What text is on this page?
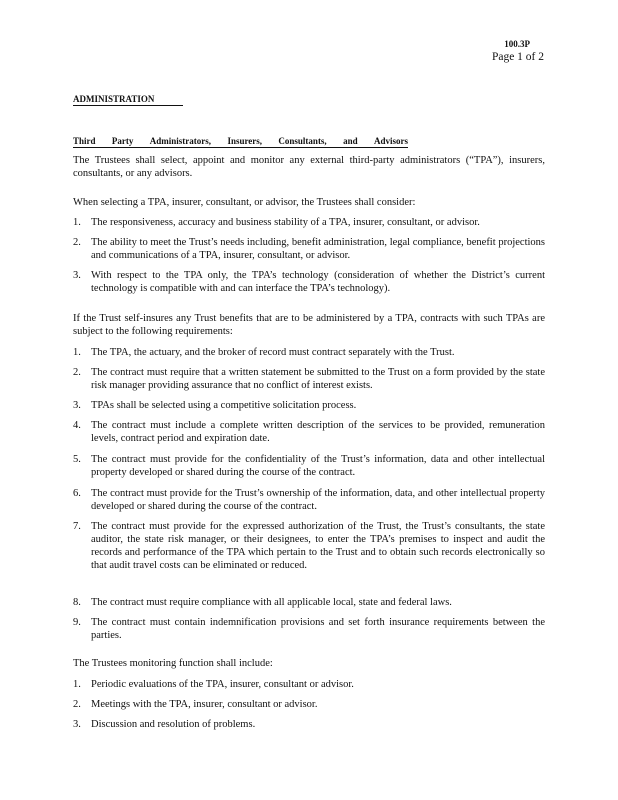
100.3P
Page 1 of 2
ADMINISTRATION
Third Party Administrators, Insurers, Consultants, and Advisors
The Trustees shall select, appoint and monitor any external third-party administrators (“TPA”), insurers, consultants, or any advisors.
When selecting a TPA, insurer, consultant, or advisor, the Trustees shall consider:
1. The responsiveness, accuracy and business stability of a TPA, insurer, consultant, or advisor.
2. The ability to meet the Trust’s needs including, benefit administration, legal compliance, benefit projections and communications of a TPA, insurer, consultant, or advisor.
3. With respect to the TPA only, the TPA’s technology (consideration of whether the District’s current technology is compatible with and can interface the TPA’s technology).
If the Trust self-insures any Trust benefits that are to be administered by a TPA, contracts with such TPAs are subject to the following requirements:
1. The TPA, the actuary, and the broker of record must contract separately with the Trust.
2. The contract must require that a written statement be submitted to the Trust on a form provided by the state risk manager providing assurance that no conflict of interest exists.
3. TPAs shall be selected using a competitive solicitation process.
4. The contract must include a complete written description of the services to be provided, remuneration levels, contract period and expiration date.
5. The contract must provide for the confidentiality of the Trust’s information, data and other intellectual property developed or shared during the course of the contract.
6. The contract must provide for the Trust’s ownership of the information, data, and other intellectual property developed or shared during the course of the contract.
7. The contract must provide for the expressed authorization of the Trust, the Trust’s consultants, the state auditor, the state risk manager, or their designees, to enter the TPA’s premises to inspect and audit the records and performance of the TPA which pertain to the Trust and to obtain such records electronically so that audit travel costs can be eliminated or reduced.
8. The contract must require compliance with all applicable local, state and federal laws.
9. The contract must contain indemnification provisions and set forth insurance requirements between the parties.
The Trustees monitoring function shall include:
1. Periodic evaluations of the TPA, insurer, consultant or advisor.
2. Meetings with the TPA, insurer, consultant or advisor.
3. Discussion and resolution of problems.
